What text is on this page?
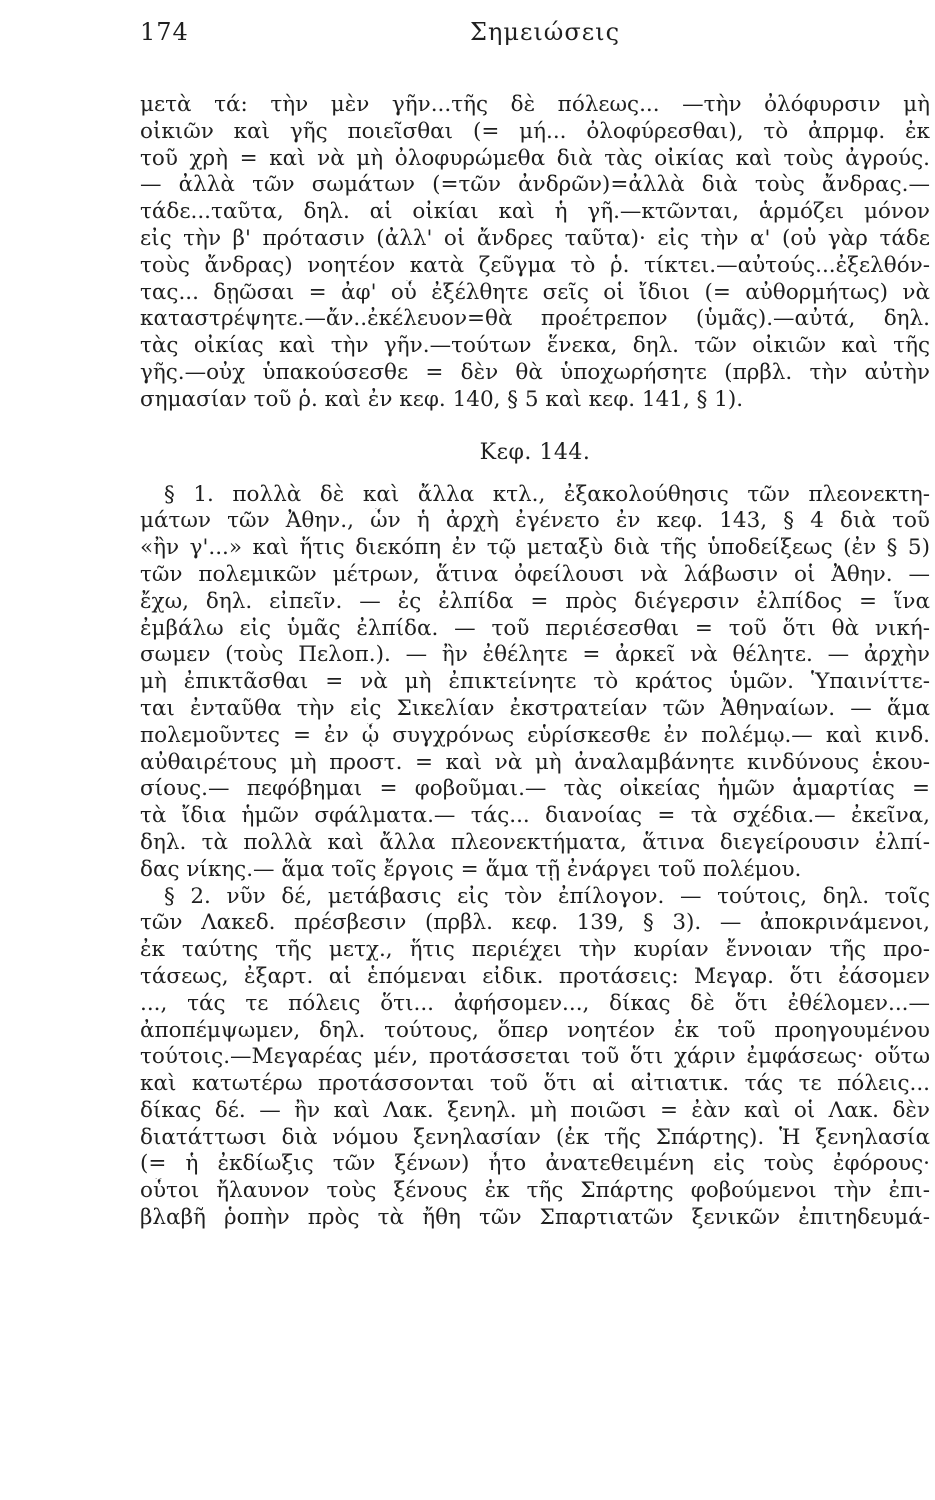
174	Σημειώσεις
μετὰ τά: τὴν μὲν γῆν...τῆς δὲ πόλεως... —τὴν ὀλόφυρσιν μὴ
οἰκιῶν καὶ γῆς ποιεῖσθαι (= μή... ὀλοφύρεσθαι), τὸ ἀπρμφ. ἐκ
τοῦ χρὴ = καὶ νὰ μὴ ὀλοφυρώμεθα διὰ τὰς οἰκίας καὶ τοὺς ἀγρούς.
— ἀλλὰ τῶν σωμάτων (=τῶν ἀνδρῶν)=ἀλλὰ διὰ τοὺς ἄνδρας.—
τάδε...ταῦτα, δηλ. αἱ οἰκίαι καὶ ἡ γῆ.—κτῶνται, ἁρμόζει μόνον
εἰς τὴν β' πρότασιν (ἀλλ' οἱ ἄνδρες ταῦτα)· εἰς τὴν α' (οὐ γὰρ τάδε
τοὺς ἄνδρας) νοητέον κατὰ ζεῦγμα τὸ ῥ. τίκτει.—αὐτούς...ἐξελθόν-
τας... δῃῶσαι = ἀφ' οὗ ἐξέλθητε σεῖς οἱ ἴδιοι (= αὐθορμήτως) νὰ
καταστρέψητε.—ἄν..ἐκέλευον=θὰ προέτρεπον (ὑμᾶς).—αὐτά, δηλ.
τὰς οἰκίας καὶ τὴν γῆν.—τούτων ἕνεκα, δηλ. τῶν οἰκιῶν καὶ τῆς
γῆς.—οὐχ ὑπακούσεσθε = δὲν θὰ ὑποχωρήσητε (πρβλ. τὴν αὐτὴν
σημασίαν τοῦ ῥ. καὶ ἐν κεφ. 140, § 5 καὶ κεφ. 141, § 1).
Κεφ. 144.
§ 1. πολλὰ δὲ καὶ ἄλλα κτλ., ἐξακολούθησις τῶν πλεονεκτη-
μάτων τῶν Ἀθην., ὧν ἡ ἀρχὴ ἐγένετο ἐν κεφ. 143, § 4 διὰ τοῦ
«ἢν γ'...» καὶ ἥτις διεκόπη ἐν τῷ μεταξὺ διὰ τῆς ὑποδείξεως (ἐν § 5)
τῶν πολεμικῶν μέτρων, ἅτινα ὀφείλουσι νὰ λάβωσιν οἱ Ἀθην. —
ἔχω, δηλ. εἰπεῖν. — ἐς ἐλπίδα = πρὸς διέγερσιν ἐλπίδος = ἵνα
ἐμβάλω εἰς ὑμᾶς ἐλπίδα. — τοῦ περιέσεσθαι = τοῦ ὅτι θὰ νική-
σωμεν (τοὺς Πελοπ.). — ἢν ἐθέλητε = ἀρκεῖ νὰ θέλητε. — ἀρχὴν
μὴ ἐπικτᾶσθαι = νὰ μὴ ἐπικτείνητε τὸ κράτος ὑμῶν. Ὑπαινίττε-
ται ἐνταῦθα τὴν εἰς Σικελίαν ἐκστρατείαν τῶν Ἀθηναίων. — ἅμα
πολεμοῦντες = ἐν ᾧ συγχρόνως εὑρίσκεσθε ἐν πολέμῳ.— καὶ κινδ.
αὐθαιρέτους μὴ προστ. = καὶ νὰ μὴ ἀναλαμβάνητε κινδύνους ἑκου-
σίους.— πεφόβημαι = φοβοῦμαι.— τὰς οἰκείας ἡμῶν ἁμαρτίας =
τὰ ἴδια ἡμῶν σφάλματα.— τάς... διανοίας = τὰ σχέδια.— ἐκεῖνα,
δηλ. τὰ πολλὰ καὶ ἄλλα πλεονεκτήματα, ἅτινα διεγείρουσιν ἐλπί-
δας νίκης.— ἅμα τοῖς ἔργοις = ἅμα τῇ ἐνάργει τοῦ πολέμου.
§ 2. νῦν δέ, μετάβασις εἰς τὸν ἐπίλογον. — τούτοις, δηλ. τοῖς
τῶν Λακεδ. πρέσβεσιν (πρβλ. κεφ. 139, § 3). — ἀποκρινάμενοι,
ἐκ ταύτης τῆς μετχ., ἥτις περιέχει τὴν κυρίαν ἔννοιαν τῆς προ-
τάσεως, ἐξαρτ. αἱ ἑπόμεναι εἰδικ. προτάσεις: Μεγαρ. ὅτι ἐάσομεν
..., τάς τε πόλεις ὅτι... ἀφήσομεν..., δίκας δὲ ὅτι ἐθέλομεν...—
ἀποπέμψωμεν, δηλ. τούτους, ὅπερ νοητέον ἐκ τοῦ προηγουμένου
τούτοις.—Μεγαρέας μέν, προτάσσεται τοῦ ὅτι χάριν ἐμφάσεως· οὕτω
καὶ κατωτέρω προτάσσονται τοῦ ὅτι αἱ αἰτιατικ. τάς τε πόλεις...
δίκας δέ. — ἢν καὶ Λακ. ξενηλ. μὴ ποιῶσι = ἐὰν καὶ οἱ Λακ. δὲν
διατάττωσι διὰ νόμου ξενηλασίαν (ἐκ τῆς Σπάρτης). Ἡ ξενηλασία
(= ἡ ἐκδίωξις τῶν ξένων) ἦτο ἀνατεθειμένη εἰς τοὺς ἐφόρους·
οὗτοι ἤλαυνον τοὺς ξένους ἐκ τῆς Σπάρτης φοβούμενοι τὴν ἐπι-
βλαβῆ ῥοπὴν πρὸς τὰ ἤθη τῶν Σπαρτιατῶν ξενικῶν ἐπιτηδευμά-
